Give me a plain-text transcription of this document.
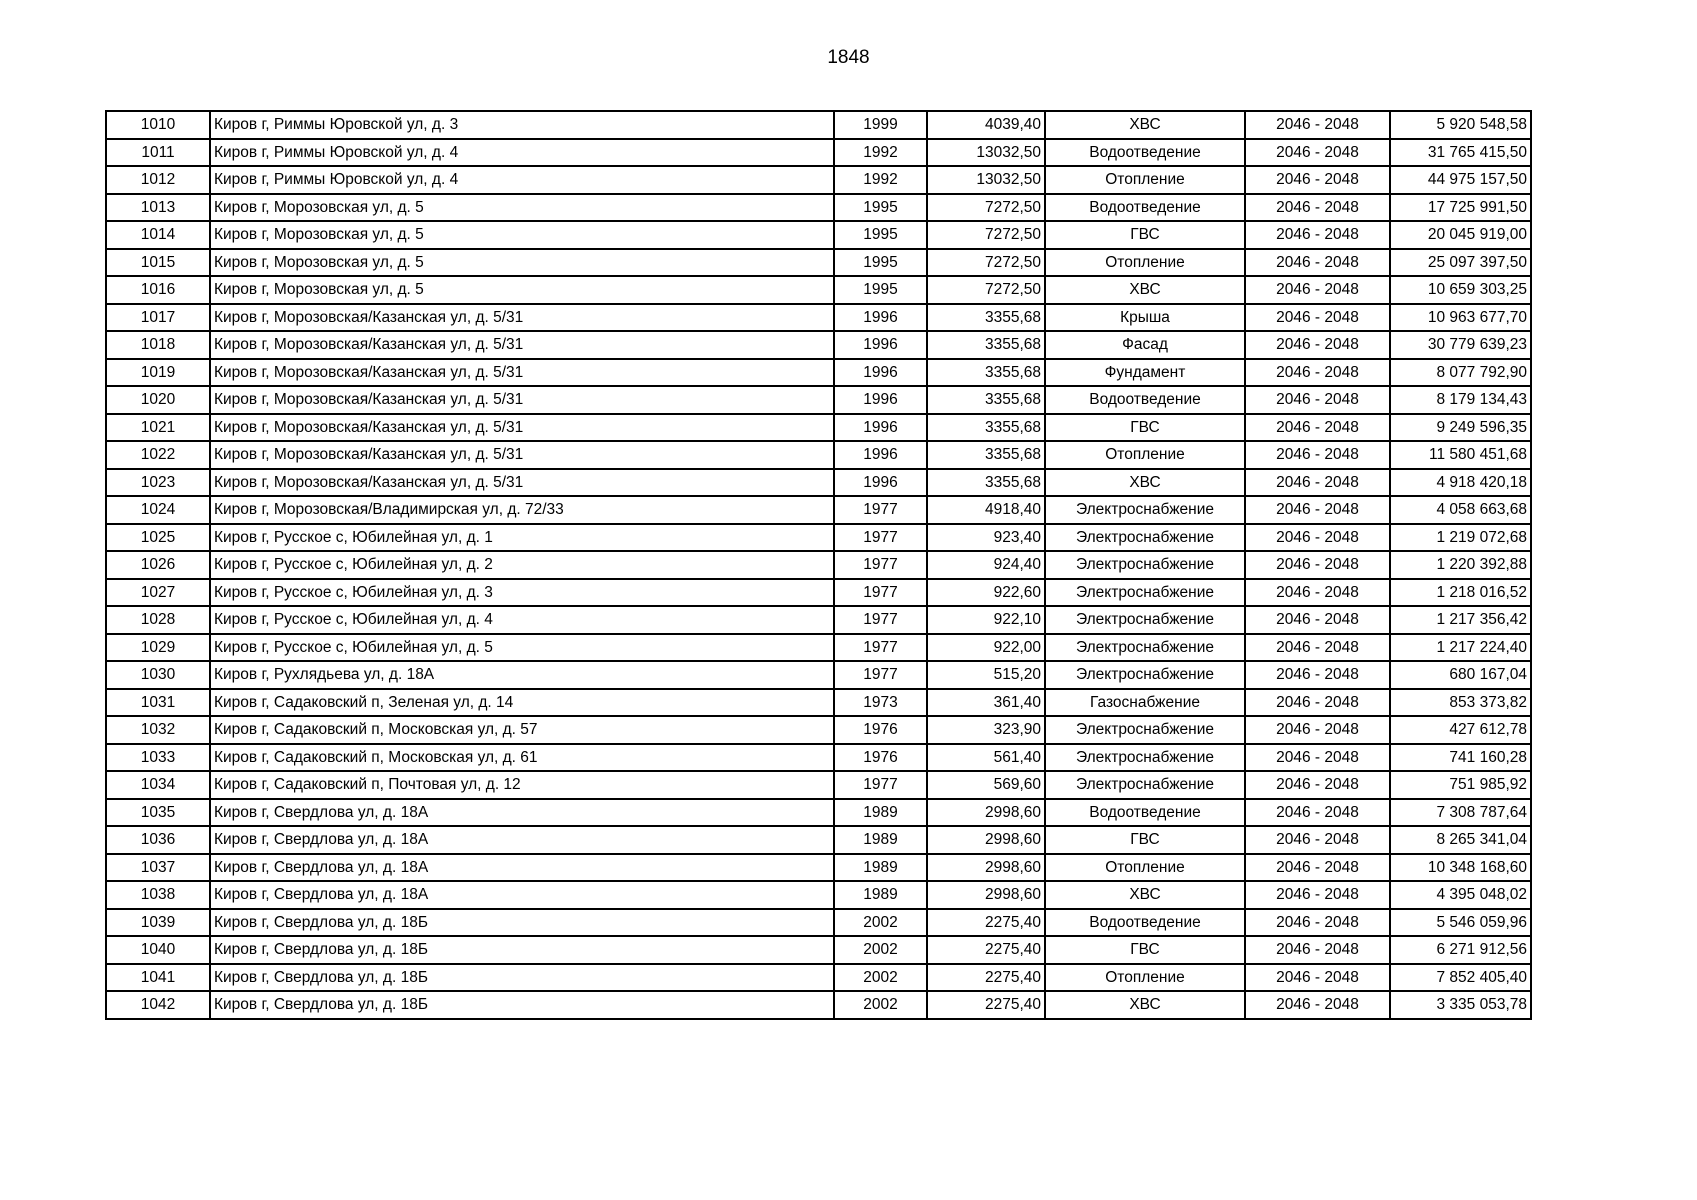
1848
1010	Киров г, Риммы Юровской ул, д. 3	1999	4039,40	ХВС	2046 - 2048	5 920 548,58
1011	Киров г, Риммы Юровской ул, д. 4	1992	13032,50	Водоотведение	2046 - 2048	31 765 415,50
1012	Киров г, Риммы Юровской ул, д. 4	1992	13032,50	Отопление	2046 - 2048	44 975 157,50
1013	Киров г, Морозовская ул, д. 5	1995	7272,50	Водоотведение	2046 - 2048	17 725 991,50
1014	Киров г, Морозовская ул, д. 5	1995	7272,50	ГВС	2046 - 2048	20 045 919,00
1015	Киров г, Морозовская ул, д. 5	1995	7272,50	Отопление	2046 - 2048	25 097 397,50
1016	Киров г, Морозовская ул, д. 5	1995	7272,50	ХВС	2046 - 2048	10 659 303,25
1017	Киров г, Морозовская/Казанская ул, д. 5/31	1996	3355,68	Крыша	2046 - 2048	10 963 677,70
1018	Киров г, Морозовская/Казанская ул, д. 5/31	1996	3355,68	Фасад	2046 - 2048	30 779 639,23
1019	Киров г, Морозовская/Казанская ул, д. 5/31	1996	3355,68	Фундамент	2046 - 2048	8 077 792,90
1020	Киров г, Морозовская/Казанская ул, д. 5/31	1996	3355,68	Водоотведение	2046 - 2048	8 179 134,43
1021	Киров г, Морозовская/Казанская ул, д. 5/31	1996	3355,68	ГВС	2046 - 2048	9 249 596,35
1022	Киров г, Морозовская/Казанская ул, д. 5/31	1996	3355,68	Отопление	2046 - 2048	11 580 451,68
1023	Киров г, Морозовская/Казанская ул, д. 5/31	1996	3355,68	ХВС	2046 - 2048	4 918 420,18
1024	Киров г, Морозовская/Владимирская ул, д. 72/33	1977	4918,40	Электроснабжение	2046 - 2048	4 058 663,68
1025	Киров г, Русское с, Юбилейная ул, д. 1	1977	923,40	Электроснабжение	2046 - 2048	1 219 072,68
1026	Киров г, Русское с, Юбилейная ул, д. 2	1977	924,40	Электроснабжение	2046 - 2048	1 220 392,88
1027	Киров г, Русское с, Юбилейная ул, д. 3	1977	922,60	Электроснабжение	2046 - 2048	1 218 016,52
1028	Киров г, Русское с, Юбилейная ул, д. 4	1977	922,10	Электроснабжение	2046 - 2048	1 217 356,42
1029	Киров г, Русское с, Юбилейная ул, д. 5	1977	922,00	Электроснабжение	2046 - 2048	1 217 224,40
1030	Киров г, Рухлядьева ул, д. 18А	1977	515,20	Электроснабжение	2046 - 2048	680 167,04
1031	Киров г, Садаковский п, Зеленая ул, д. 14	1973	361,40	Газоснабжение	2046 - 2048	853 373,82
1032	Киров г, Садаковский п, Московская ул, д. 57	1976	323,90	Электроснабжение	2046 - 2048	427 612,78
1033	Киров г, Садаковский п, Московская ул, д. 61	1976	561,40	Электроснабжение	2046 - 2048	741 160,28
1034	Киров г, Садаковский п, Почтовая ул, д. 12	1977	569,60	Электроснабжение	2046 - 2048	751 985,92
1035	Киров г, Свердлова ул, д. 18А	1989	2998,60	Водоотведение	2046 - 2048	7 308 787,64
1036	Киров г, Свердлова ул, д. 18А	1989	2998,60	ГВС	2046 - 2048	8 265 341,04
1037	Киров г, Свердлова ул, д. 18А	1989	2998,60	Отопление	2046 - 2048	10 348 168,60
1038	Киров г, Свердлова ул, д. 18А	1989	2998,60	ХВС	2046 - 2048	4 395 048,02
1039	Киров г, Свердлова ул, д. 18Б	2002	2275,40	Водоотведение	2046 - 2048	5 546 059,96
1040	Киров г, Свердлова ул, д. 18Б	2002	2275,40	ГВС	2046 - 2048	6 271 912,56
1041	Киров г, Свердлова ул, д. 18Б	2002	2275,40	Отопление	2046 - 2048	7 852 405,40
1042	Киров г, Свердлова ул, д. 18Б	2002	2275,40	ХВС	2046 - 2048	3 335 053,78
